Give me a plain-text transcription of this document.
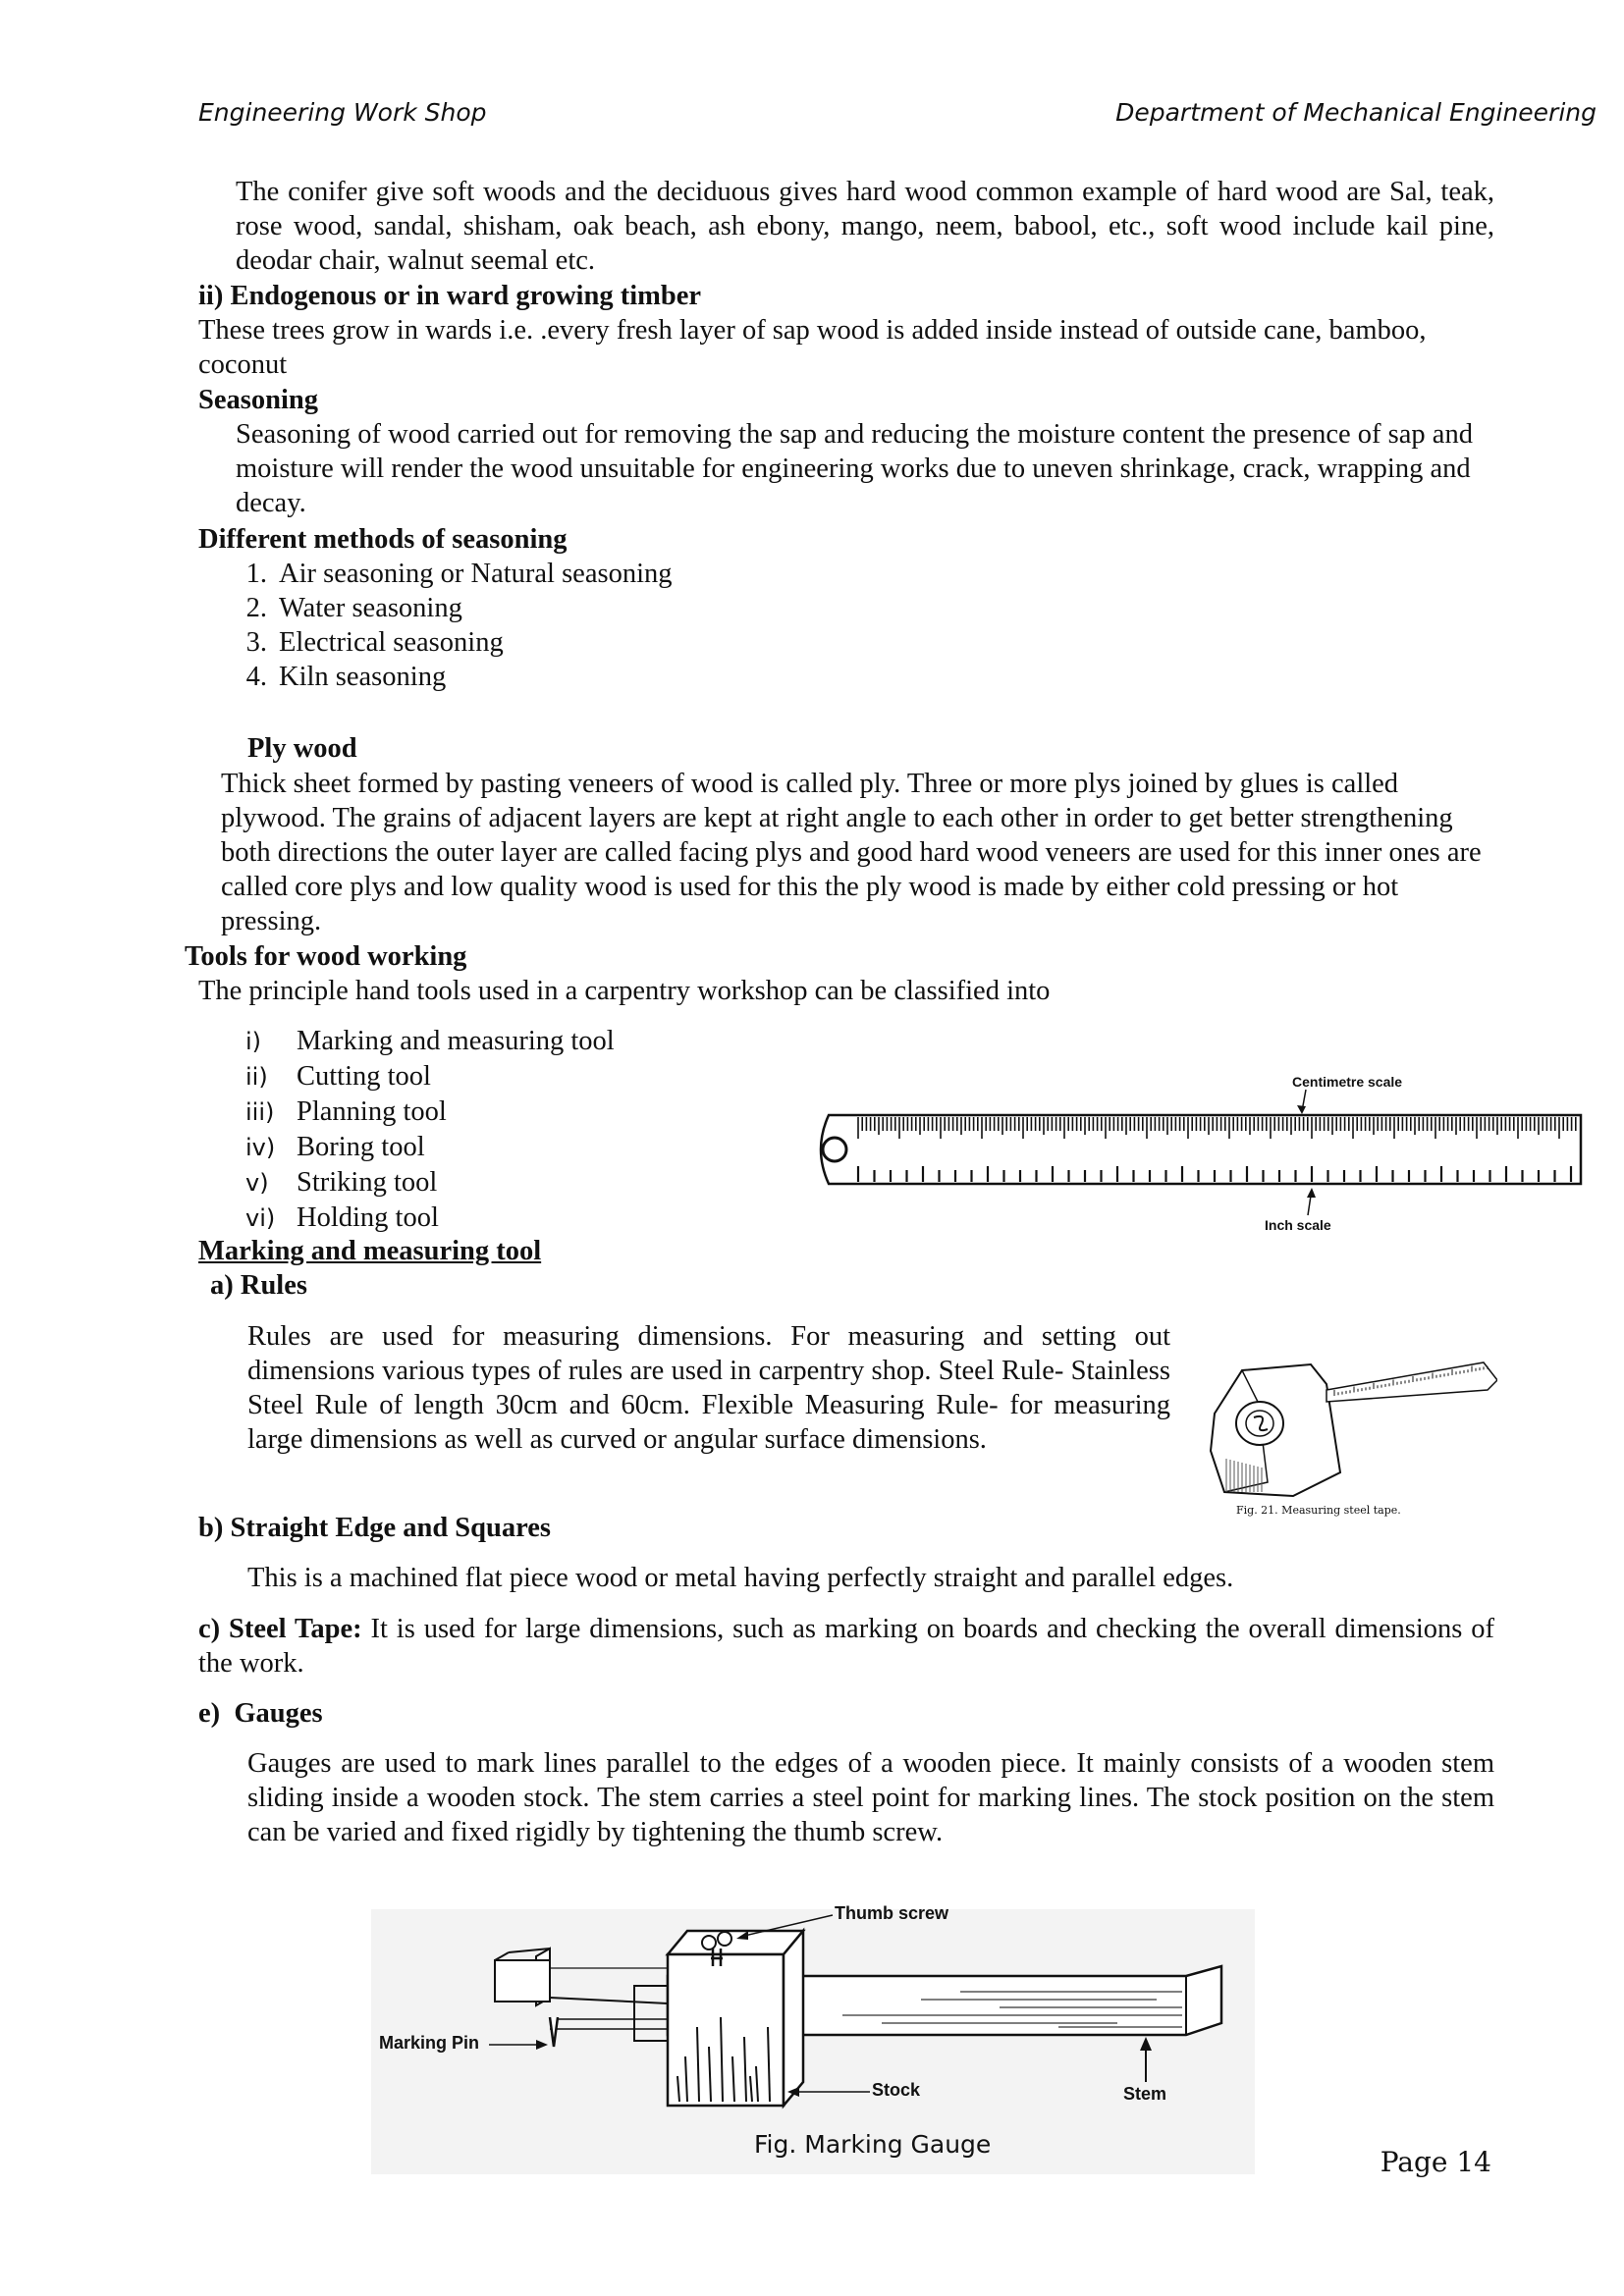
Engineering Work Shop	Department of Mechanical Engineering

The conifer give soft woods and the deciduous gives hard wood common example of hard wood are Sal, teak, rose wood, sandal, shisham, oak beach, ash ebony, mango, neem, babool, etc., soft wood include kail pine, deodar chair, walnut seemal etc.

ii) Endogenous or in ward growing timber

These trees grow in wards i.e. .every fresh layer of sap wood is added inside instead of outside cane, bamboo, coconut

Seasoning

Seasoning of wood carried out for removing the sap and reducing the moisture content the presence of sap and moisture will render the wood unsuitable for engineering works due to uneven shrinkage, crack, wrapping and decay.

Different methods of seasoning

1. Air seasoning or Natural seasoning
2. Water seasoning
3. Electrical seasoning
4. Kiln seasoning

Ply wood

Thick sheet formed by pasting veneers of wood is called ply. Three or more plys joined by glues is called plywood. The grains of adjacent layers are kept at right angle to each other in order to get better strengthening both directions the outer layer are called facing plys and good hard wood veneers are used for this inner ones are called core plys and low quality wood is used for this the ply wood is made by either cold pressing or hot pressing.

Tools for wood working

The principle hand tools used in a carpentry workshop can be classified into

i) Marking and measuring tool
ii) Cutting tool
iii) Planning tool
iv) Boring tool
v) Striking tool
vi) Holding tool
Centimetre scale
Inch scale

Marking and measuring tool

a) Rules

Rules are used for measuring dimensions. For measuring and setting out dimensions various types of rules are used in carpentry shop. Steel Rule- Stainless Steel Rule of length 30cm and 60cm. Flexible Measuring Rule- for measuring large dimensions as well as curved or angular surface dimensions.

Fig. 21. Measuring steel tape.

b) Straight Edge and Squares

This is a machined flat piece wood or metal having perfectly straight and parallel edges.

c) Steel Tape: It is used for large dimensions, such as marking on boards and checking the overall dimensions of the work.

e)  Gauges

Gauges are used to mark lines parallel to the edges of a wooden piece. It mainly consists of a wooden stem sliding inside a wooden stock. The stem carries a steel point for marking lines. The stock position on the stem can be varied and fixed rigidly by tightening the thumb screw.

Thumb screw
Marking Pin
Stock	Stem
Fig. Marking Gauge
Page 14
